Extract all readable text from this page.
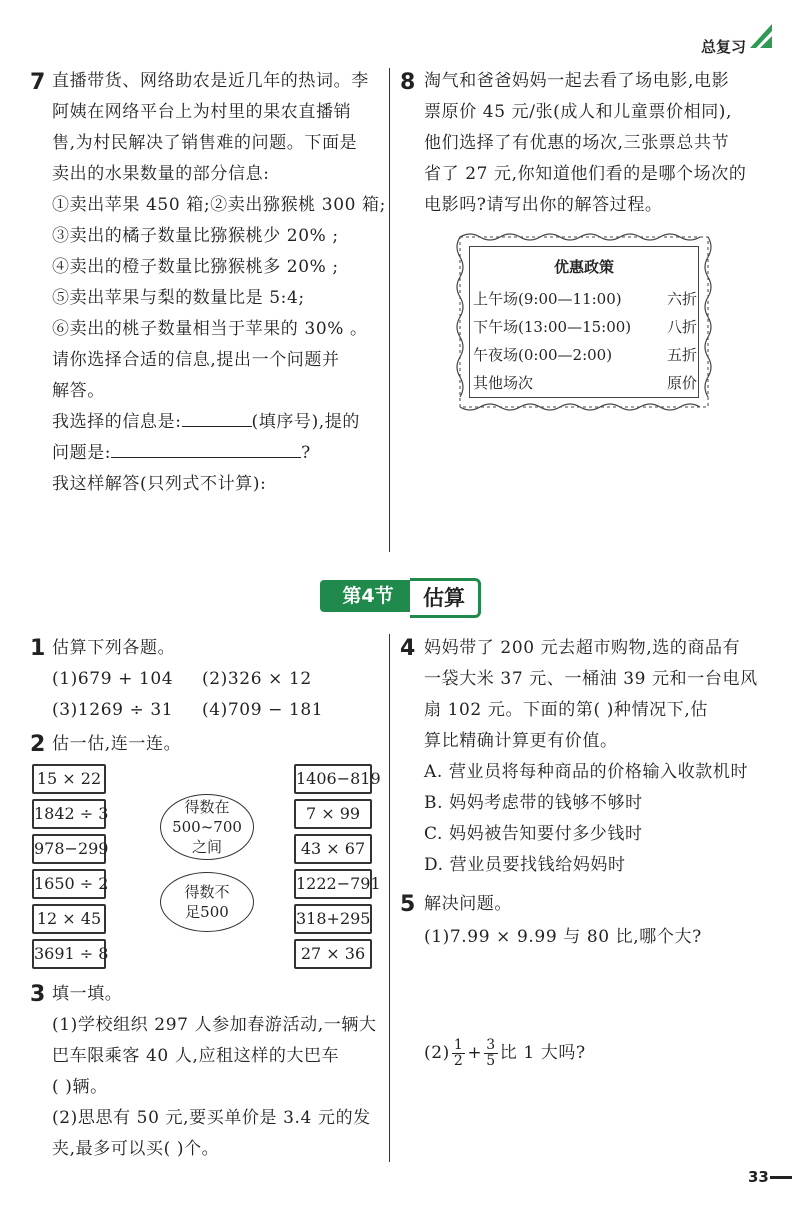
总复习
7 直播带货、网络助农是近几年的热词。李
阿姨在网络平台上为村里的果农直播销
售,为村民解决了销售难的问题。下面是
卖出的水果数量的部分信息:
①卖出苹果 450 箱;②卖出猕猴桃 300 箱;
③卖出的橘子数量比猕猴桃少 20% ;
④卖出的橙子数量比猕猴桃多 20% ;
⑤卖出苹果与梨的数量比是 5:4;
⑥卖出的桃子数量相当于苹果的 30% 。
请你选择合适的信息,提出一个问题并
解答。
我选择的信息是:	(填序号),提的
问题是:	?
我这样解答(只列式不计算):
8 淘气和爸爸妈妈一起去看了场电影,电影
票原价 45 元/张(成人和儿童票价相同),
他们选择了有优惠的场次,三张票总共节
省了 27 元,你知道他们看的是哪个场次的
电影吗?请写出你的解答过程。
优惠政策
上午场(9:00—11:00)	六折
下午场(13:00—15:00) 八折
午夜场(0:00—2:00)	五折
其他场次	原价
第4节	估算
1 估算下列各题。
(1)679 + 104 (2)326 × 12
(3)1269 ÷ 31 (4)709 − 181
2 估一估,连一连。
15 × 22
1842 ÷ 3
978−299
1650 ÷ 2
12 × 45
3691 ÷ 8
得数在
500~700
之间
得数不
足500
1406−819
7 × 99
43 × 67
1222−791
318+295
27 × 36
3 填一填。
(1)学校组织 297 人参加春游活动,一辆大
巴车限乘客 40 人,应租这样的大巴车
( )辆。
(2)思思有 50 元,要买单价是 3.4 元的发
夹,最多可以买( )个。
4 妈妈带了 200 元去超市购物,选的商品有
一袋大米 37 元、一桶油 39 元和一台电风
扇 102 元。下面的第( )种情况下,估
算比精确计算更有价值。
A. 营业员将每种商品的价格输入收款机时
B. 妈妈考虑带的钱够不够时
C. 妈妈被告知要付多少钱时
D. 营业员要找钱给妈妈时
5 解决问题。
(1)7.99 × 9.99 与 80 比,哪个大?
$(2) \frac{1}{2} + \frac{3}{5}$ 比 1 大吗?
33
